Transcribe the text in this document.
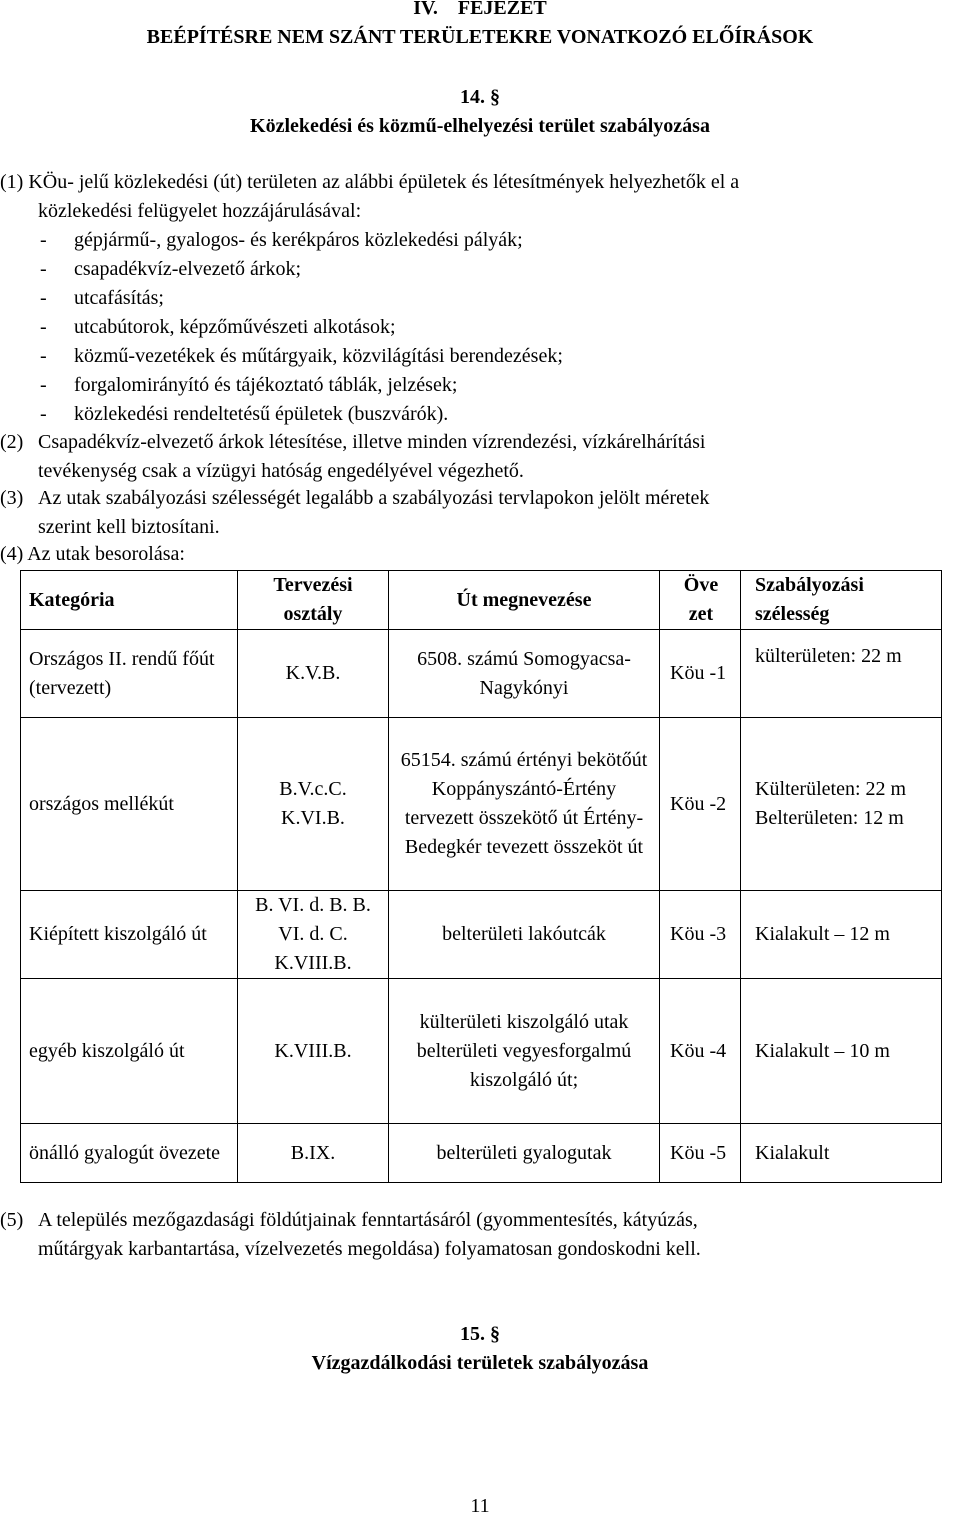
IV. FEJEZET
BEÉPÍTÉSRE NEM SZÁNT TERÜLETEKRE VONATKOZÓ ELŐÍRÁSOK
14. §
Közlekedési és közmű-elhelyezési terület szabályozása
(1) KÖu- jelű közlekedési (út) területen az alábbi épületek és létesítmények helyezhetők el a
közlekedési felügyelet hozzájárulásával:
- gépjármű-, gyalogos- és kerékpáros közlekedési pályák;
- csapadékvíz-elvezető árkok;
- utcafásítás;
- utcabútorok, képzőművészeti alkotások;
- közmű-vezetékek és műtárgyaik, közvilágítási berendezések;
- forgalomirányító és tájékoztató táblák, jelzések;
- közlekedési rendeltetésű épületek (buszvárók).
(2) Csapadékvíz-elvezető árkok létesítése, illetve minden vízrendezési, vízkárelhárítási
tevékenység csak a vízügyi hatóság engedélyével végezhető.
(3) Az utak szabályozási szélességét legalább a szabályozási tervlapokon jelölt méretek
szerint kell biztosítani.
(4) Az utak besorolása:
Kategória	Tervezési osztály	Út megnevezése	Öve zet	Szabályozási szélesség
Országos II. rendű főút (tervezett)	K.V.B.	6508. számú Somogyacsa- Nagykónyi	Köu -1	külterületen: 22 m
országos mellékút	B.V.c.C. K.VI.B.	65154. számú értényi bekötőút Koppányszántó-Értény tervezett összekötő út Értény-Bedegkér tevezett összeköt út	Köu -2	Külterületen: 22 m Belterületen: 12 m
Kiépített kiszolgáló út	B. VI. d. B. B. VI. d. C. K.VIII.B.	belterületi lakóutcák	Köu -3	Kialakult – 12 m
egyéb kiszolgáló út	K.VIII.B.	külterületi kiszolgáló utak belterületi vegyesforgalmú kiszolgáló út;	Köu -4	Kialakult – 10 m
önálló gyalogút övezete	B.IX.	belterületi gyalogutak	Köu -5	Kialakult
(5) A település mezőgazdasági földútjainak fenntartásáról (gyommentesítés, kátyúzás,
műtárgyak karbantartása, vízelvezetés megoldása) folyamatosan gondoskodni kell.
15. §
Vízgazdálkodási területek szabályozása
11
